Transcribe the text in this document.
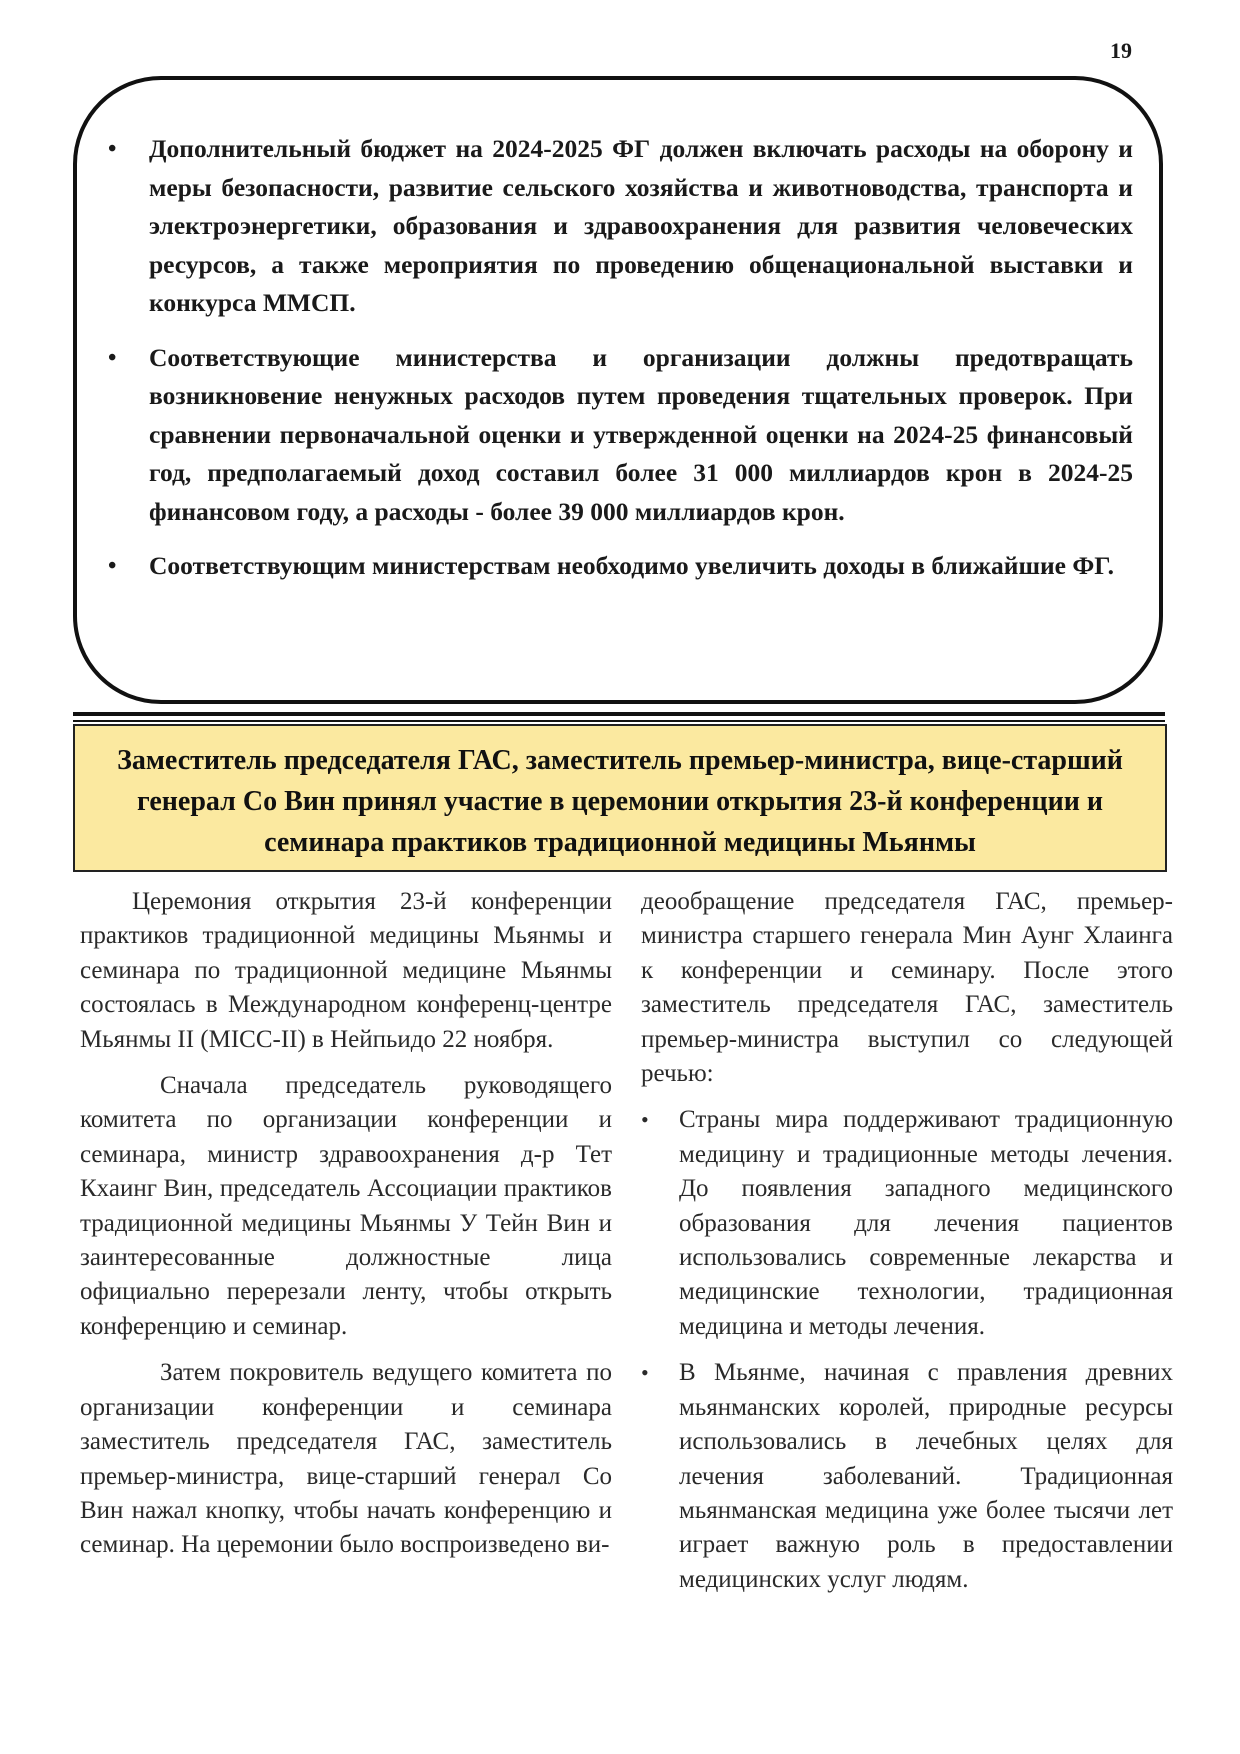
19
• Дополнительный бюджет на 2024-2025 ФГ должен включать расходы на оборону и меры безопасности, развитие сельского хозяйства и животноводства, транспорта и электроэнергетики, образования и здравоохранения для развития человеческих ресурсов, а также мероприятия по проведению общенациональной выставки и конкурса ММСП.
• Соответствующие министерства и организации должны предотвращать возникновение ненужных расходов путем проведения тщательных проверок. При сравнении первоначальной оценки и утвержденной оценки на 2024-25 финансовый год, предполагаемый доход составил более 31 000 миллиардов крон в 2024-25 финансовом году, а расходы - более 39 000 миллиардов крон.
• Соответствующим министерствам необходимо увеличить доходы в ближайшие ФГ.
Заместитель председателя ГАС, заместитель премьер-министра, вице-старший генерал Со Вин принял участие в церемонии открытия 23-й конференции и семинара практиков традиционной медицины Мьянмы

Церемония открытия 23-й конференции практиков традиционной медицины Мьянмы и семинара по традиционной медицине Мьянмы состоялась в Международном конференц-центре Мьянмы II (MICC-II) в Нейпьидо 22 ноября.

Сначала председатель руководящего комитета по организации конференции и семинара, министр здравоохранения д-р Тет Кхаинг Вин, председатель Ассоциации практиков традиционной медицины Мьянмы У Тейн Вин и заинтересованные должностные лица официально перерезали ленту, чтобы открыть конференцию и семинар.

Затем покровитель ведущего комитета по организации конференции и семинара заместитель председателя ГАС, заместитель премьер-министра, вице-старший генерал Со Вин нажал кнопку, чтобы начать конференцию и семинар. На церемонии было воспроизведено ви-

деообращение председателя ГАС, премьер-министра старшего генерала Мин Аунг Хлаинга к конференции и семинару. После этого заместитель председателя ГАС, заместитель премьер-министра выступил со следующей речью:

• Страны мира поддерживают традиционную медицину и традиционные методы лечения. До появления западного медицинского образования для лечения пациентов использовались современные лекарства и медицинские технологии, традиционная медицина и методы лечения.
• В Мьянме, начиная с правления древних мьянманских королей, природные ресурсы использовались в лечебных целях для лечения заболеваний. Традиционная мьянманская медицина уже более тысячи лет играет важную роль в предоставлении медицинских услуг людям.
